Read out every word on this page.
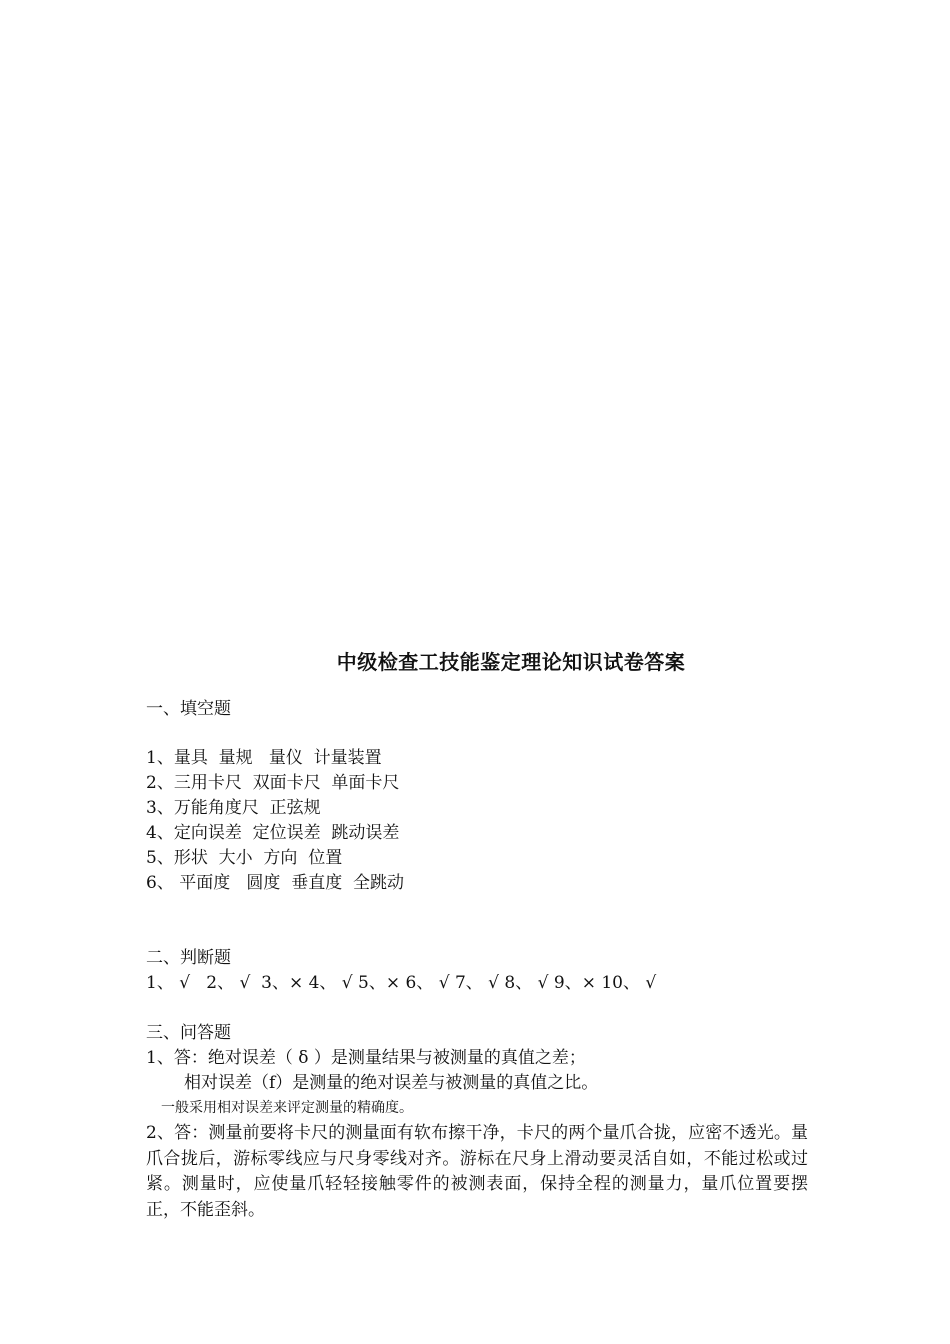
中级检查工技能鉴定理论知识试卷答案
一、填空题
1、量具  量规   量仪  计量装置
2、三用卡尺  双面卡尺  单面卡尺
3、万能角度尺  正弦规
4、定向误差  定位误差  跳动误差
5、形状  大小  方向  位置
6、 平面度   圆度  垂直度  全跳动
二、判断题
1、 √   2、 √  3、× 4、 √ 5、× 6、 √ 7、 √ 8、 √ 9、× 10、 √
三、问答题
1、答：绝对误差（ δ ）是测量结果与被测量的真值之差；
相对误差（f）是测量的绝对误差与被测量的真值之比。
一般采用相对误差来评定测量的精确度。
2、答：测量前要将卡尺的测量面有软布擦干净，卡尺的两个量爪合拢，应密不透光。量爪合拢后，游标零线应与尺身零线对齐。游标在尺身上滑动要灵活自如，不能过松或过紧。测量时，应使量爪轻轻接触零件的被测表面，保持全程的测量力，量爪位置要摆正，不能歪斜。
